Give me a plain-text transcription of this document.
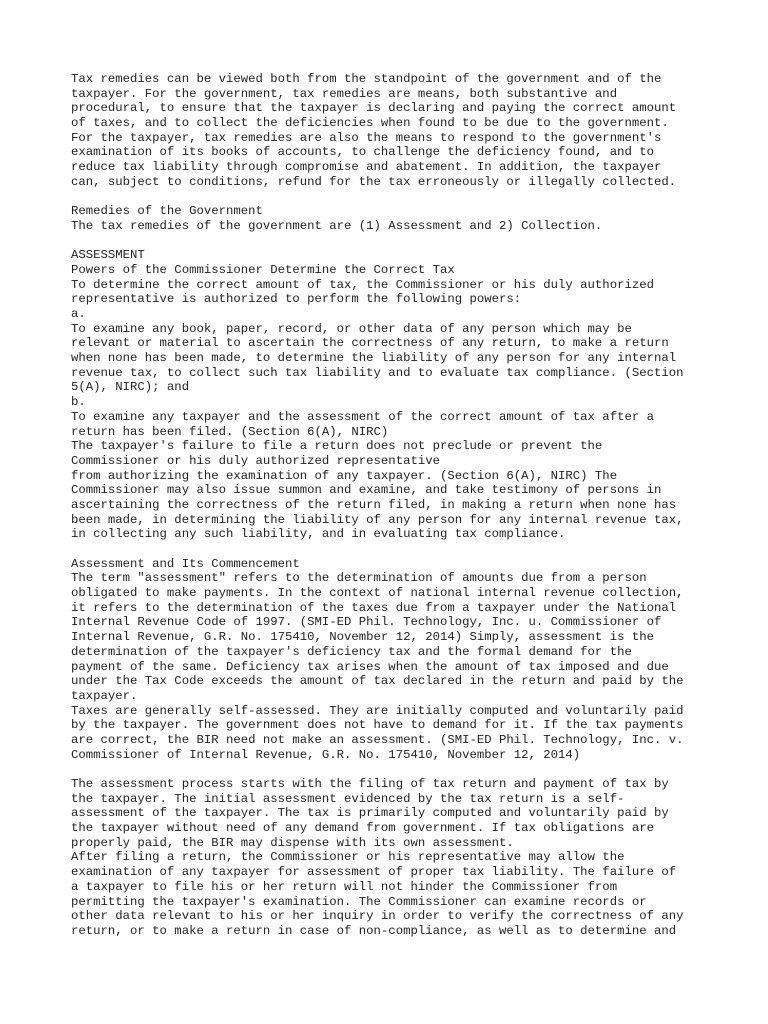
Tax remedies can be viewed both from the standpoint of the government and of the
taxpayer. For the government, tax remedies are means, both substantive and
procedural, to ensure that the taxpayer is declaring and paying the correct amount
of taxes, and to collect the deficiencies when found to be due to the government.
For the taxpayer, tax remedies are also the means to respond to the government's
examination of its books of accounts, to challenge the deficiency found, and to
reduce tax liability through compromise and abatement. In addition, the taxpayer
can, subject to conditions, refund for the tax erroneously or illegally collected.
Remedies of the Government
The tax remedies of the government are (1) Assessment and 2) Collection.
ASSESSMENT
Powers of the Commissioner Determine the Correct Tax
To determine the correct amount of tax, the Commissioner or his duly authorized
representative is authorized to perform the following powers:
a.
To examine any book, paper, record, or other data of any person which may be
relevant or material to ascertain the correctness of any return, to make a return
when none has been made, to determine the liability of any person for any internal
revenue tax, to collect such tax liability and to evaluate tax compliance. (Section
5(A), NIRC); and
b.
To examine any taxpayer and the assessment of the correct amount of tax after a
return has been filed. (Section 6(A), NIRC)
The taxpayer's failure to file a return does not preclude or prevent the
Commissioner or his duly authorized representative
from authorizing the examination of any taxpayer. (Section 6(A), NIRC) The
Commissioner may also issue summon and examine, and take testimony of persons in
ascertaining the correctness of the return filed, in making a return when none has
been made, in determining the liability of any person for any internal revenue tax,
in collecting any such liability, and in evaluating tax compliance.
Assessment and Its Commencement
The term "assessment" refers to the determination of amounts due from a person
obligated to make payments. In the context of national internal revenue collection,
it refers to the determination of the taxes due from a taxpayer under the National
Internal Revenue Code of 1997. (SMI-ED Phil. Technology, Inc. u. Commissioner of
Internal Revenue, G.R. No. 175410, November 12, 2014) Simply, assessment is the
determination of the taxpayer's deficiency tax and the formal demand for the
payment of the same. Deficiency tax arises when the amount of tax imposed and due
under the Tax Code exceeds the amount of tax declared in the return and paid by the
taxpayer.
Taxes are generally self-assessed. They are initially computed and voluntarily paid
by the taxpayer. The government does not have to demand for it. If the tax payments
are correct, the BIR need not make an assessment. (SMI-ED Phil. Technology, Inc. v.
Commissioner of Internal Revenue, G.R. No. 175410, November 12, 2014)
The assessment process starts with the filing of tax return and payment of tax by
the taxpayer. The initial assessment evidenced by the tax return is a self-
assessment of the taxpayer. The tax is primarily computed and voluntarily paid by
the taxpayer without need of any demand from government. If tax obligations are
properly paid, the BIR may dispense with its own assessment.
After filing a return, the Commissioner or his representative may allow the
examination of any taxpayer for assessment of proper tax liability. The failure of
a taxpayer to file his or her return will not hinder the Commissioner from
permitting the taxpayer's examination. The Commissioner can examine records or
other data relevant to his or her inquiry in order to verify the correctness of any
return, or to make a return in case of non-compliance, as well as to determine and
